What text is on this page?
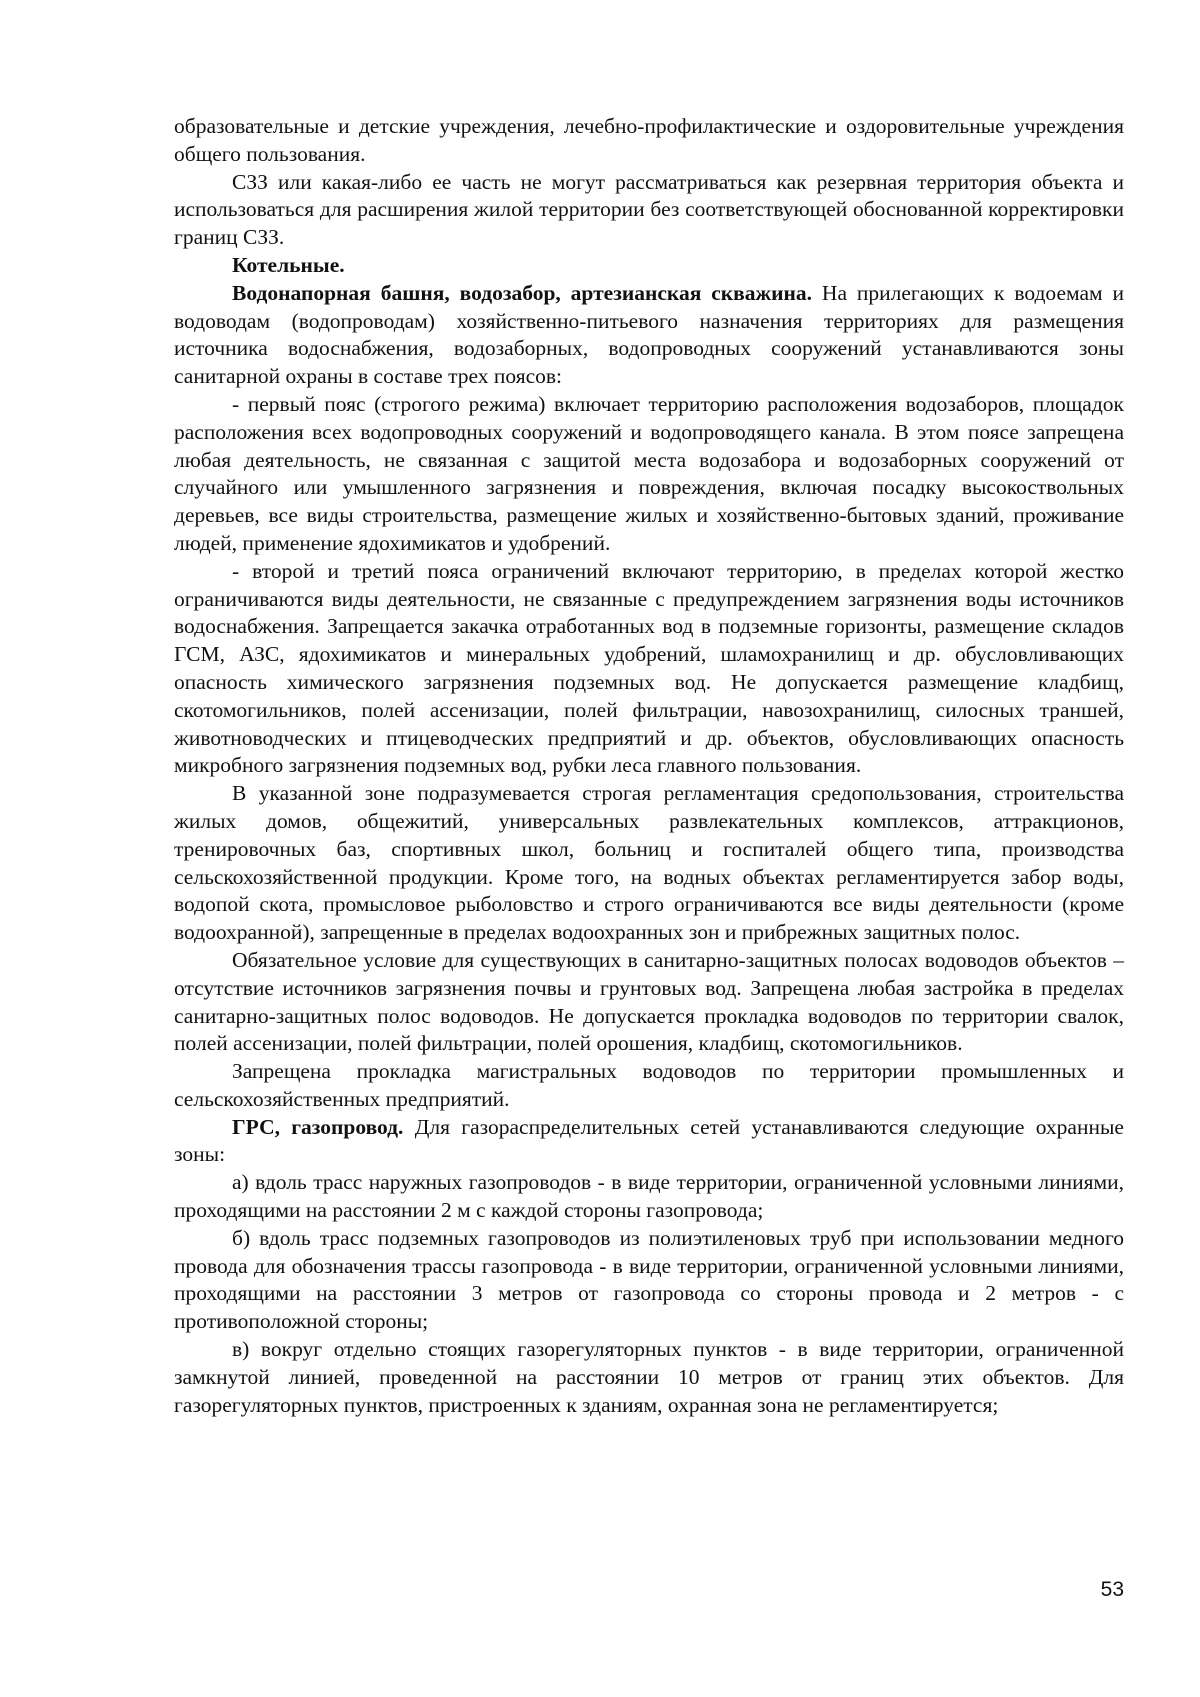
образовательные и детские учреждения, лечебно-профилактические и оздоровительные учреждения общего пользования.

СЗЗ или какая-либо ее часть не могут рассматриваться как резервная территория объекта и использоваться для расширения жилой территории без соответствующей обоснованной корректировки границ СЗЗ.

Котельные.

Водонапорная башня, водозабор, артезианская скважина. На прилегающих к водоемам и водоводам (водопроводам) хозяйственно-питьевого назначения территориях для размещения источника водоснабжения, водозаборных, водопроводных сооружений устанавливаются зоны санитарной охраны в составе трех поясов:

- первый пояс (строгого режима) включает территорию расположения водозаборов, площадок расположения всех водопроводных сооружений и водопроводящего канала. В этом поясе запрещена любая деятельность, не связанная с защитой места водозабора и водозаборных сооружений от случайного или умышленного загрязнения и повреждения, включая посадку высокоствольных деревьев, все виды строительства, размещение жилых и хозяйственно-бытовых зданий, проживание людей, применение ядохимикатов и удобрений.

- второй и третий пояса ограничений включают территорию, в пределах которой жестко ограничиваются виды деятельности, не связанные с предупреждением загрязнения воды источников водоснабжения. Запрещается закачка отработанных вод в подземные горизонты, размещение складов ГСМ, АЗС, ядохимикатов и минеральных удобрений, шламохранилищ и др. обусловливающих опасность химического загрязнения подземных вод. Не допускается размещение кладбищ, скотомогильников, полей ассенизации, полей фильтрации, навозохранилищ, силосных траншей, животноводческих и птицеводческих предприятий и др. объектов, обусловливающих опасность микробного загрязнения подземных вод, рубки леса главного пользования.

В указанной зоне подразумевается строгая регламентация средопользования, строительства жилых домов, общежитий, универсальных развлекательных комплексов, аттракционов, тренировочных баз, спортивных школ, больниц и госпиталей общего типа, производства сельскохозяйственной продукции. Кроме того, на водных объектах регламентируется забор воды, водопой скота, промысловое рыболовство и строго ограничиваются все виды деятельности (кроме водоохранной), запрещенные в пределах водоохранных зон и прибрежных защитных полос.

Обязательное условие для существующих в санитарно-защитных полосах водоводов объектов – отсутствие источников загрязнения почвы и грунтовых вод. Запрещена любая застройка в пределах санитарно-защитных полос водоводов. Не допускается прокладка водоводов по территории свалок, полей ассенизации, полей фильтрации, полей орошения, кладбищ, скотомогильников.

Запрещена прокладка магистральных водоводов по территории промышленных и сельскохозяйственных предприятий.

ГРС, газопровод. Для газораспределительных сетей устанавливаются следующие охранные зоны:

а) вдоль трасс наружных газопроводов - в виде территории, ограниченной условными линиями, проходящими на расстоянии 2 м с каждой стороны газопровода;

б) вдоль трасс подземных газопроводов из полиэтиленовых труб при использовании медного провода для обозначения трассы газопровода - в виде территории, ограниченной условными линиями, проходящими на расстоянии 3 метров от газопровода со стороны провода и 2 метров - с противоположной стороны;

в) вокруг отдельно стоящих газорегуляторных пунктов - в виде территории, ограниченной замкнутой линией, проведенной на расстоянии 10 метров от границ этих объектов. Для газорегуляторных пунктов, пристроенных к зданиям, охранная зона не регламентируется;

53
